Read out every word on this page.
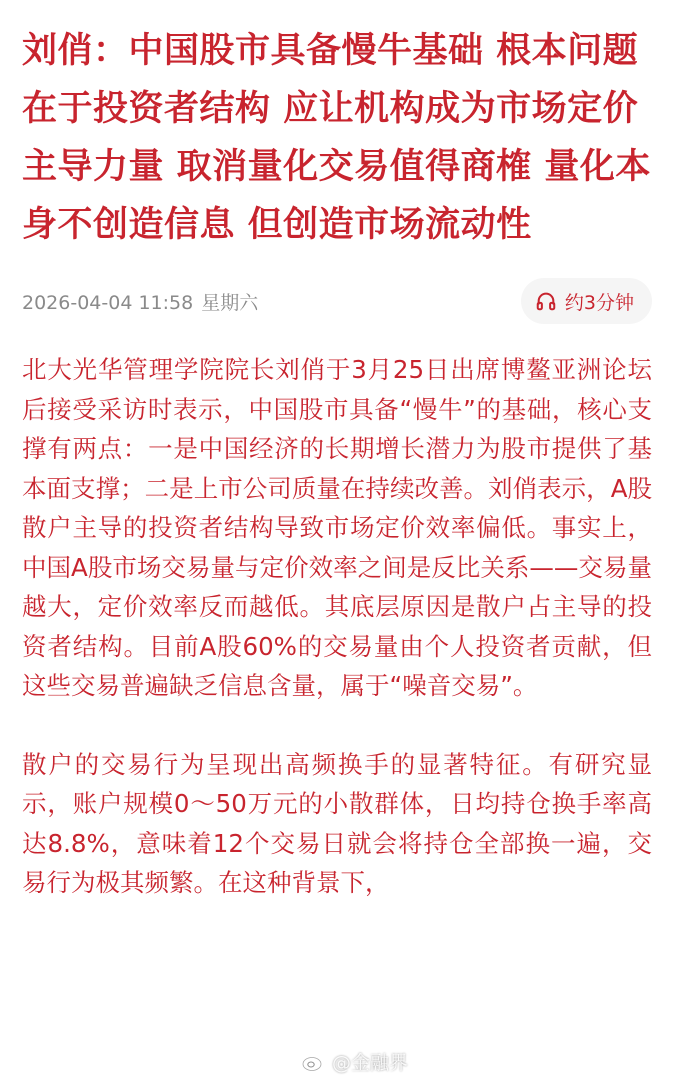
刘俏：中国股市具备慢牛基础 根本问题在于投资者结构 应让机构成为市场定价主导力量 取消量化交易值得商榷 量化本身不创造信息 但创造市场流动性
2026-04-04 11:58 星期六	约3分钟

北大光华管理学院院长刘俏于3月25日出席博鳌亚洲论坛后接受采访时表示，中国股市具备“慢牛”的基础，核心支撑有两点：一是中国经济的长期增长潜力为股市提供了基本面支撑；二是上市公司质量在持续改善。刘俏表示，A股散户主导的投资者结构导致市场定价效率偏低。事实上，中国A股市场交易量与定价效率之间是反比关系——交易量越大，定价效率反而越低。其底层原因是散户占主导的投资者结构。目前A股60%的交易量由个人投资者贡献，但这些交易普遍缺乏信息含量，属于“噪音交易”。

散户的交易行为呈现出高频换手的显著特征。有研究显示，账户规模0～50万元的小散群体，日均持仓换手率高达8.8%，意味着12个交易日就会将持仓全部换一遍，交易行为极其频繁。在这种背景下，

@金融界
